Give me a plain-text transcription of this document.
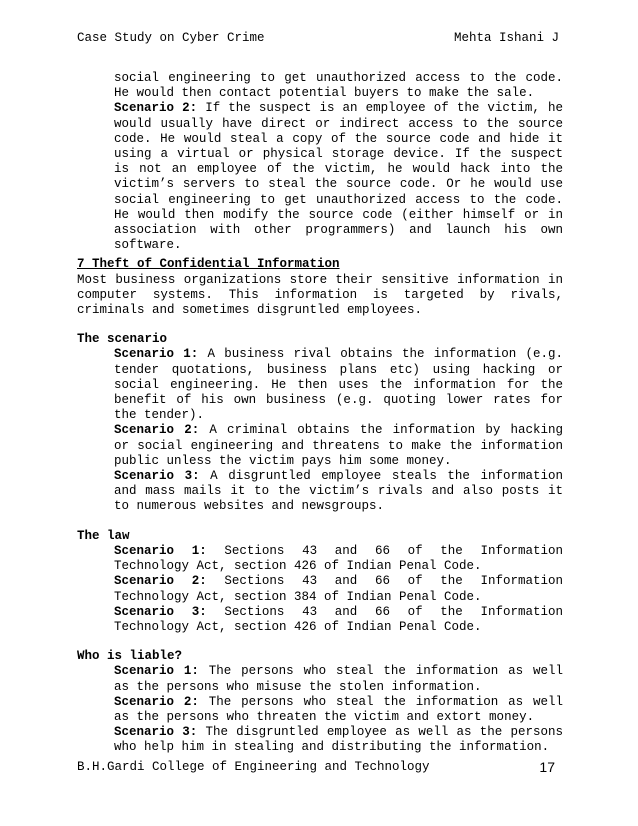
Case Study on Cyber Crime	Mehta Ishani J

social engineering to get unauthorized access to the code. He would then contact potential buyers to make the sale.

Scenario 2: If the suspect is an employee of the victim, he would usually have direct or indirect access to the source code. He would steal a copy of the source code and hide it using a virtual or physical storage device. If the suspect is not an employee of the victim, he would hack into the victim’s servers to steal the source code. Or he would use social engineering to get unauthorized access to the code. He would then modify the source code (either himself or in association with other programmers) and launch his own software.

7 Theft of Confidential Information

Most business organizations store their sensitive information in computer systems. This information is targeted by rivals, criminals and sometimes disgruntled employees.

The scenario

Scenario 1: A business rival obtains the information (e.g. tender quotations, business plans etc) using hacking or social engineering. He then uses the information for the benefit of his own business (e.g. quoting lower rates for the tender).

Scenario 2: A criminal obtains the information by hacking or social engineering and threatens to make the information public unless the victim pays him some money.

Scenario 3: A disgruntled employee steals the information and mass mails it to the victim’s rivals and also posts it to numerous websites and newsgroups.

The law

Scenario 1: Sections 43 and 66 of the Information Technology Act, section 426 of Indian Penal Code.

Scenario 2: Sections 43 and 66 of the Information Technology Act, section 384 of Indian Penal Code.

Scenario 3: Sections 43 and 66 of the Information Technology Act, section 426 of Indian Penal Code.

Who is liable?

Scenario 1: The persons who steal the information as well as the persons who misuse the stolen information.

Scenario 2: The persons who steal the information as well as the persons who threaten the victim and extort money.

Scenario 3: The disgruntled employee as well as the persons who help him in stealing and distributing the information.

B.H.Gardi College of Engineering and Technology	17
